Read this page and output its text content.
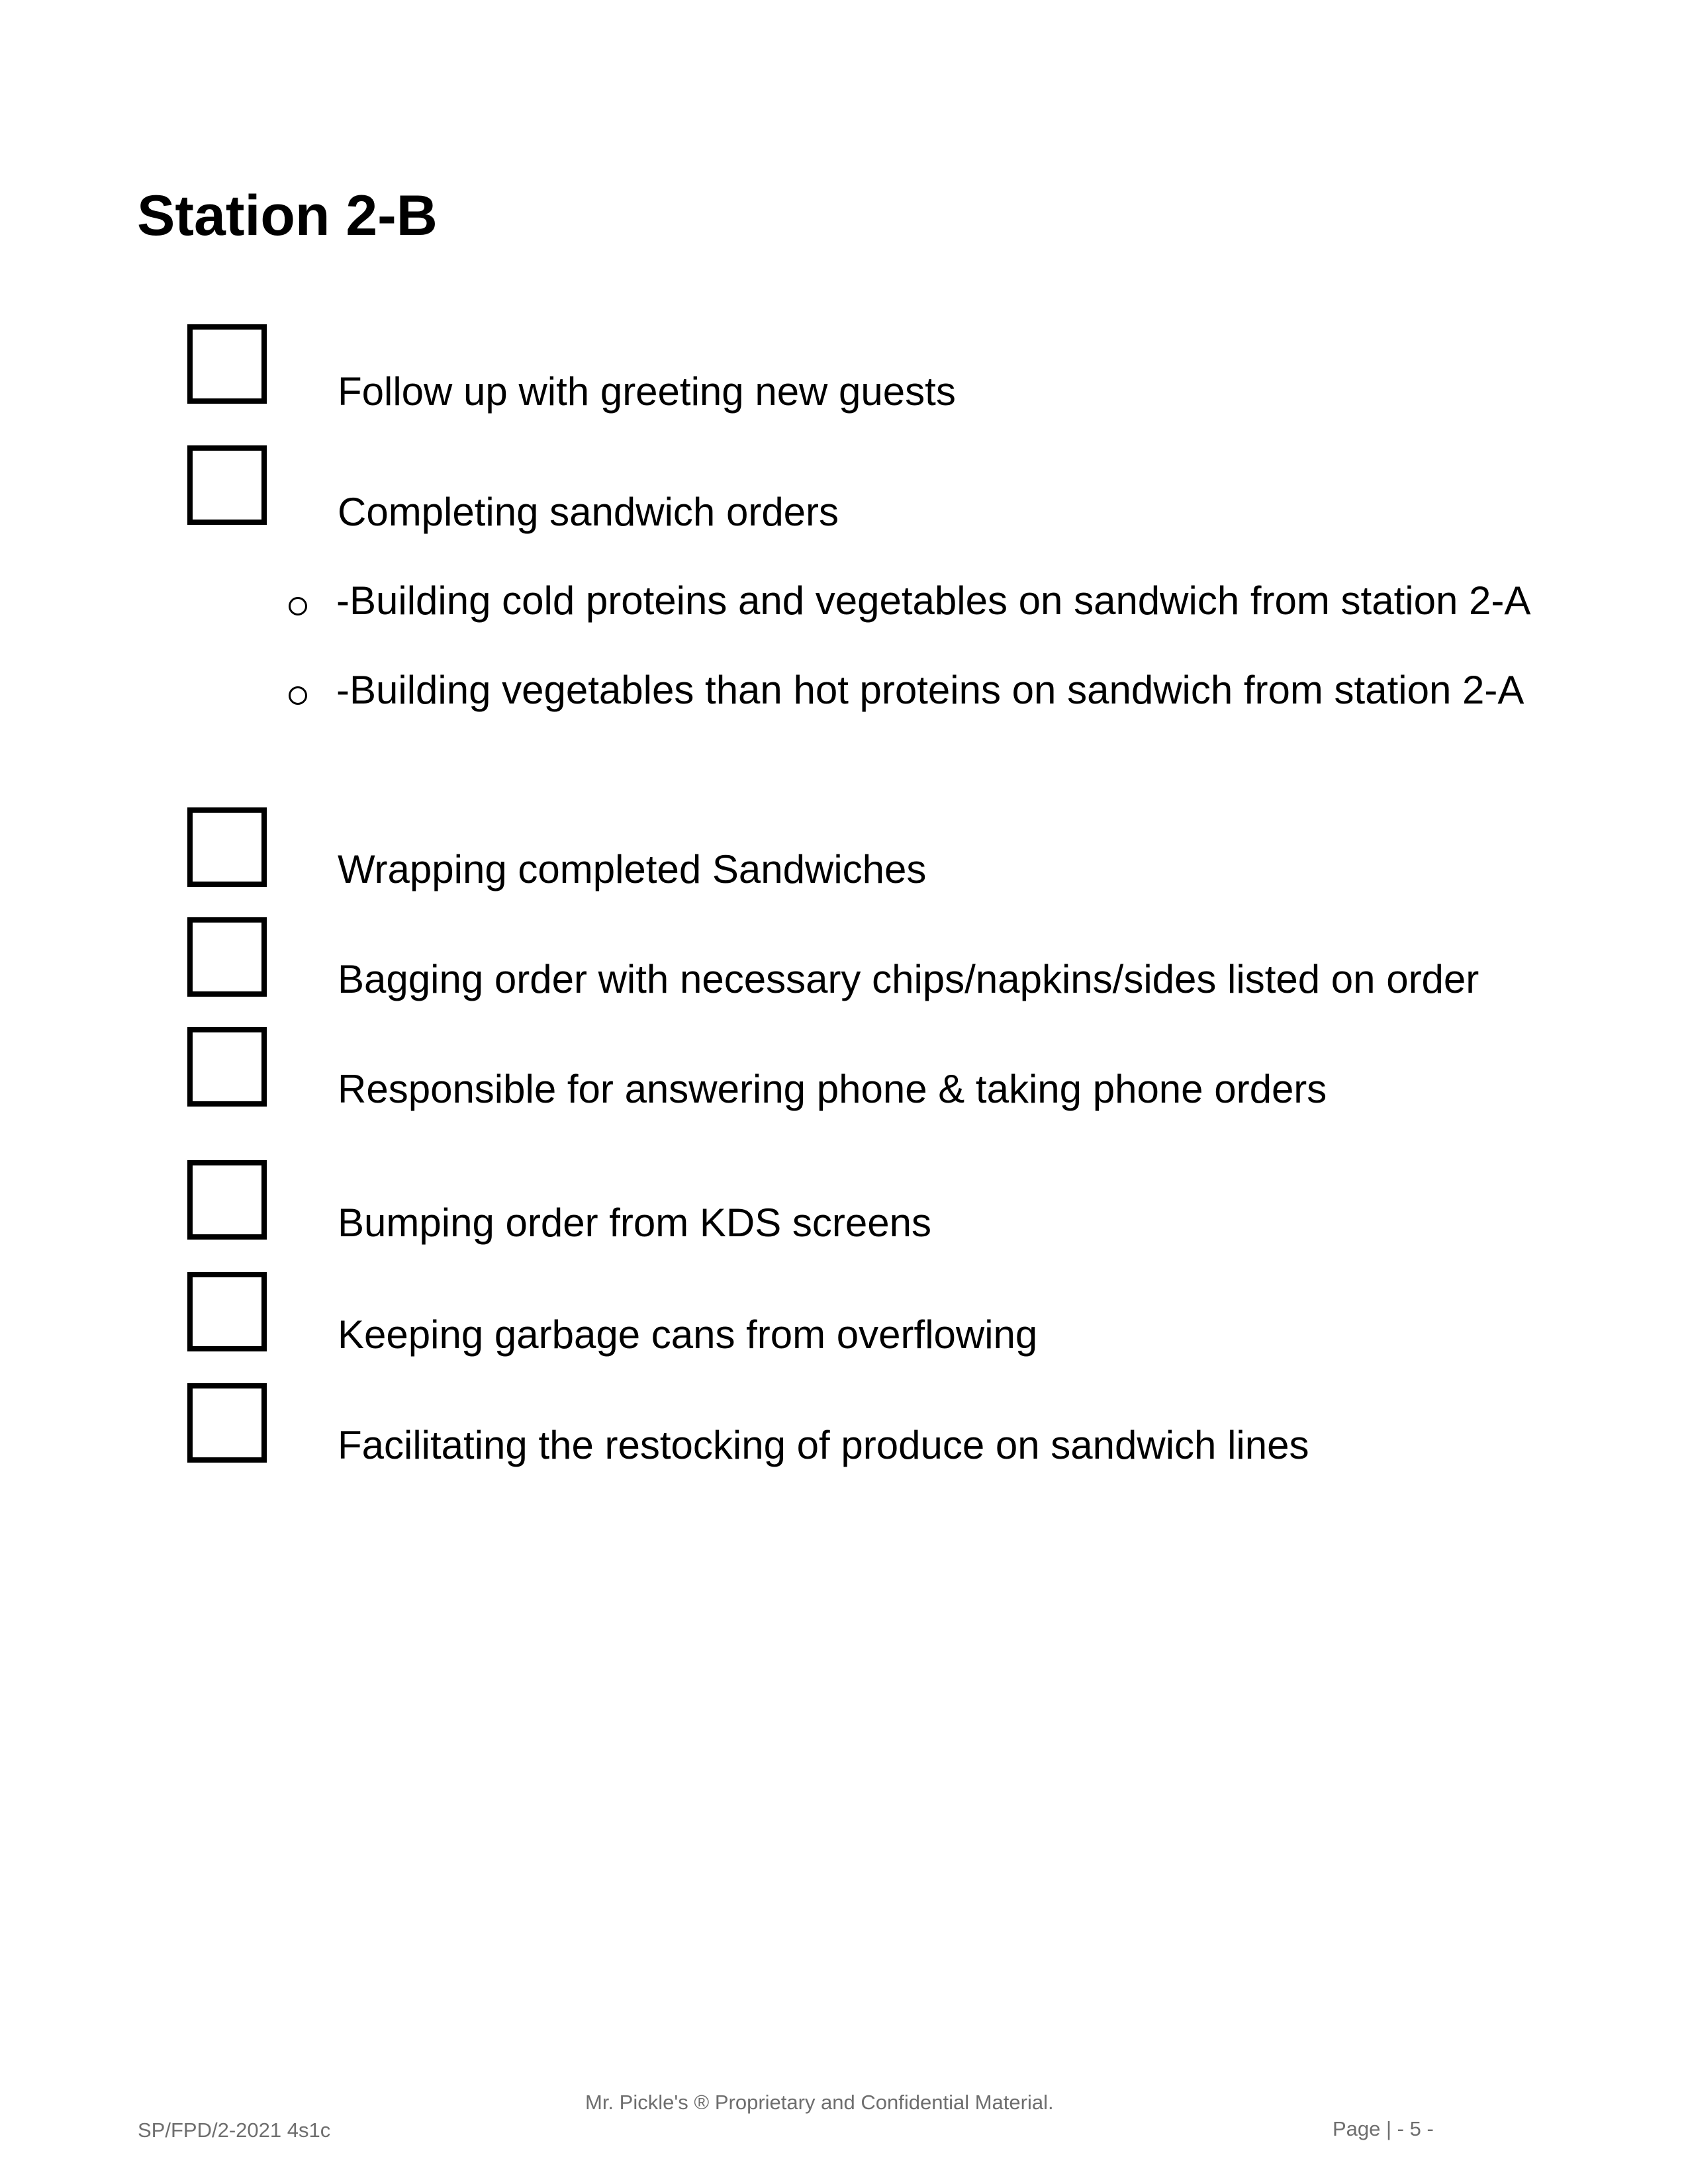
Station 2-B
Follow up with greeting new guests
Completing sandwich orders
-Building cold proteins and vegetables on sandwich from station 2-A
-Building vegetables than hot proteins on sandwich from station 2-A
Wrapping completed Sandwiches
Bagging order with necessary chips/napkins/sides listed on order
Responsible for answering phone & taking phone orders
Bumping order from KDS screens
Keeping garbage cans from overflowing
Facilitating the restocking of produce on sandwich lines
Mr. Pickle's ® Proprietary and Confidential Material.
SP/FPD/2-2021 4s1c	Page | - 5 -
